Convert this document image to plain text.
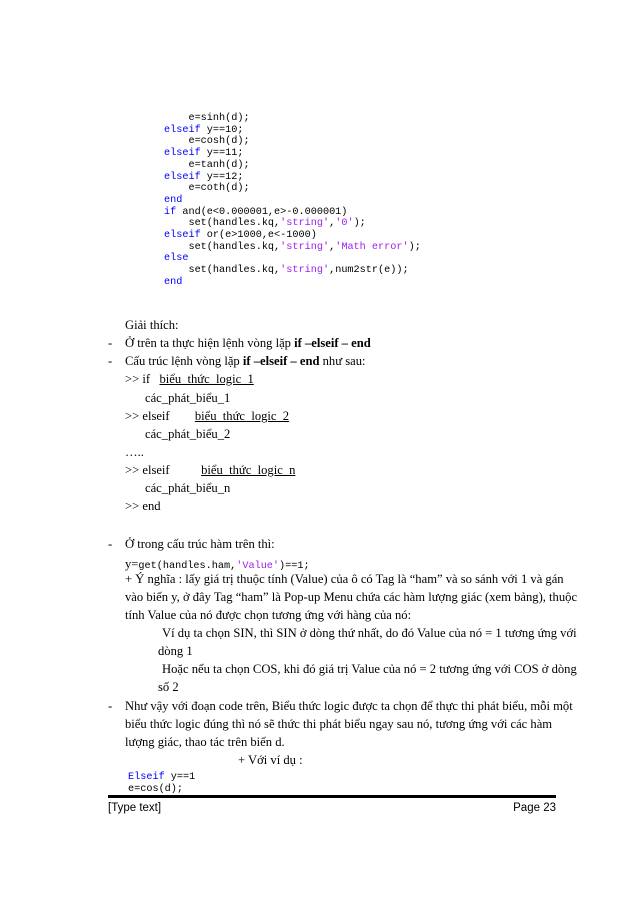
e=sinh(d);
elseif y==10;
e=cosh(d);
elseif y==11;
e=tanh(d);
elseif y==12;
e=coth(d);
end
if and(e<0.000001,e>-0.000001)
set(handles.kq,'string','0');
elseif or(e>1000,e<-1000)
set(handles.kq,'string','Math error');
else
set(handles.kq,'string',num2str(e));
end
Giải thích:
- Ở trên ta thực hiện lệnh vòng lặp if –elseif – end
- Cấu trúc lệnh vòng lặp if –elseif – end như sau:
>> if   biểu_thức_logic_1
các_phát_biểu_1
>> elseif        biểu_thức_logic_2
các_phát_biểu_2
…..
>> elseif          biểu_thức_logic_n
các_phát_biểu_n
>> end
- Ở trong cấu trúc hàm trên thì:
y=get(handles.ham,'Value')==1;
+ Ý nghĩa : lấy giá trị thuộc tính (Value) của ô có Tag là “ham” và so sánh với 1 và gán
vào biến y, ở đây Tag “ham” là Pop-up Menu chứa các hàm lượng giác (xem bảng), thuộc
tính Value của nó được chọn tương ứng với hàng của nó:
Ví dụ ta chọn SIN, thì SIN ở dòng thứ nhất, do đó Value của nó = 1 tương ứng với
dòng 1
Hoặc nếu ta chọn COS, khi đó giá trị Value của nó = 2 tương ứng với COS ở dòng
số 2
- Như vậy với đoạn code trên, Biểu thức logic được ta chọn để thực thi phát biểu, mỗi một
biểu thức logic đúng thì nó sẽ thức thi phát biểu ngay sau nó, tương ứng với các hàm
lượng giác, thao tác trên biến d.
+ Với ví dụ :
Elseif y==1
e=cos(d);
[Type text]	Page 23
